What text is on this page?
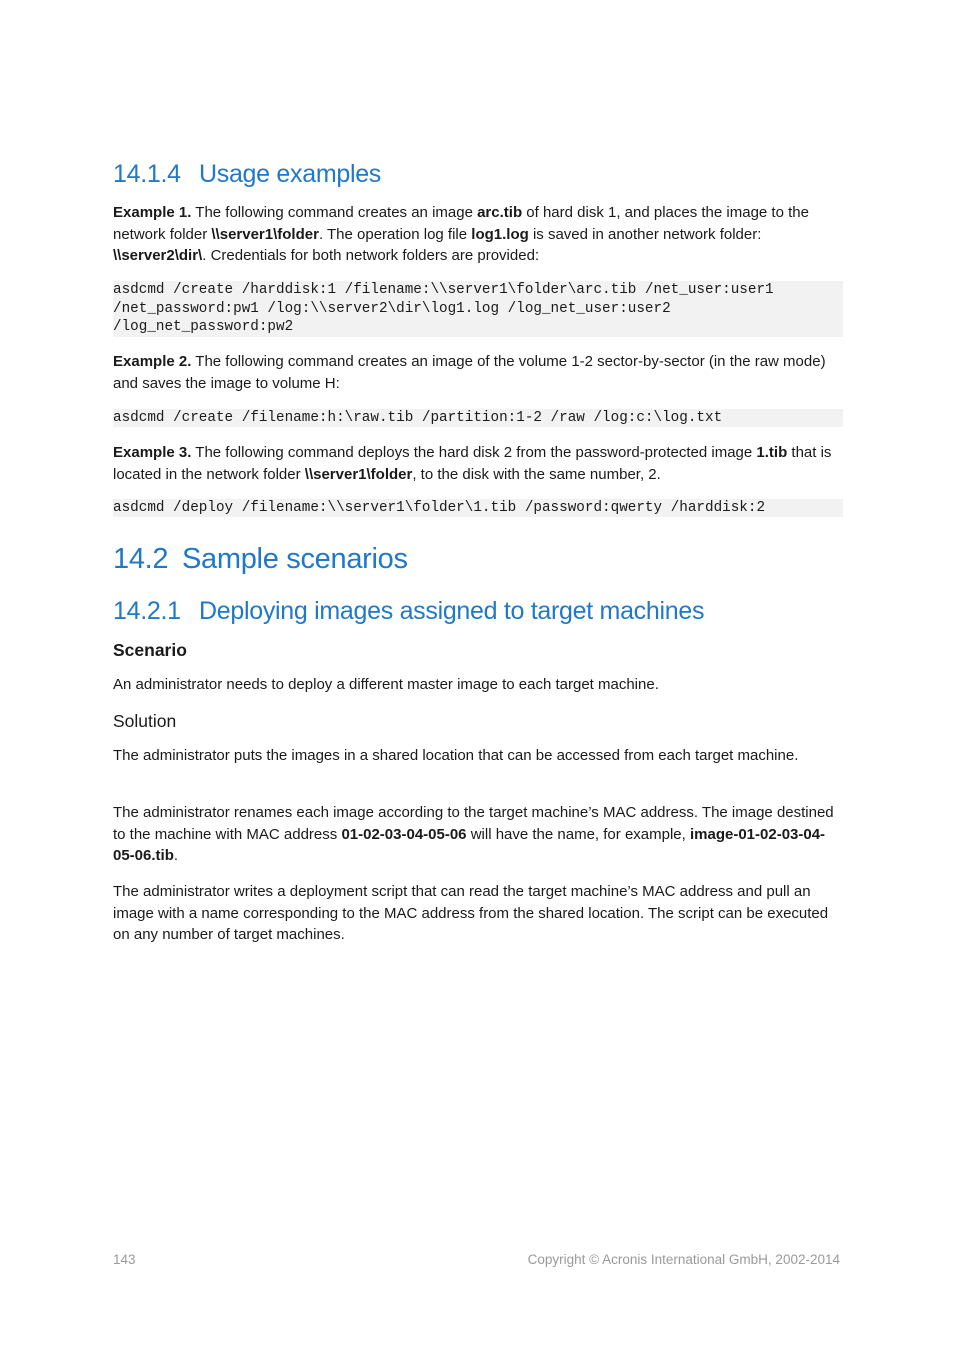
14.1.4 Usage examples

Example 1. The following command creates an image arc.tib of hard disk 1, and places the image to the network folder \\server1\folder. The operation log file log1.log is saved in another network folder: \\server2\dir\. Credentials for both network folders are provided:

asdcmd /create /harddisk:1 /filename:\\server1\folder\arc.tib /net_user:user1
/net_password:pw1 /log:\\server2\dir\log1.log /log_net_user:user2
/log_net_password:pw2

Example 2. The following command creates an image of the volume 1-2 sector-by-sector (in the raw mode) and saves the image to volume H:

asdcmd /create /filename:h:\raw.tib /partition:1-2 /raw /log:c:\log.txt

Example 3. The following command deploys the hard disk 2 from the password-protected image 1.tib that is located in the network folder \\server1\folder, to the disk with the same number, 2.

asdcmd /deploy /filename:\\server1\folder\1.tib /password:qwerty /harddisk:2
14.2 Sample scenarios
14.2.1 Deploying images assigned to target machines
Scenario

An administrator needs to deploy a different master image to each target machine.

Solution

The administrator puts the images in a shared location that can be accessed from each target machine.

The administrator renames each image according to the target machine’s MAC address. The image destined to the machine with MAC address 01-02-03-04-05-06 will have the name, for example, image-01-02-03-04-05-06.tib.

The administrator writes a deployment script that can read the target machine’s MAC address and pull an image with a name corresponding to the MAC address from the shared location. The script can be executed on any number of target machines.

143	Copyright © Acronis International GmbH, 2002-2014
